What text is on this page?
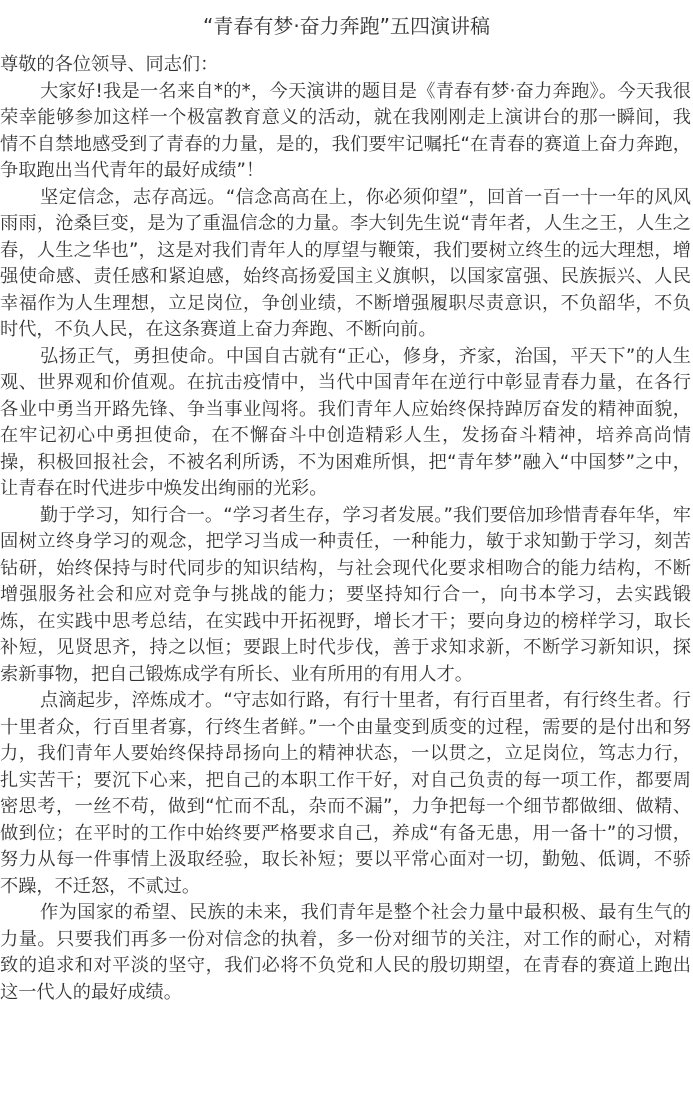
“青春有梦·奋力奔跑”五四演讲稿

尊敬的各位领导、同志们：

大家好!我是一名来自*的*，今天演讲的题目是《青春有梦·奋力奔跑》。今天我很荣幸能够参加这样一个极富教育意义的活动，就在我刚刚走上演讲台的那一瞬间，我情不自禁地感受到了青春的力量，是的，我们要牢记嘱托“在青春的赛道上奋力奔跑，争取跑出当代青年的最好成绩”！

坚定信念，志存高远。“信念高高在上，你必须仰望”，回首一百一十一年的风风雨雨，沧桑巨变，是为了重温信念的力量。李大钊先生说“青年者，人生之王，人生之春，人生之华也”，这是对我们青年人的厚望与鞭策，我们要树立终生的远大理想，增强使命感、责任感和紧迫感，始终高扬爱国主义旗帜，以国家富强、民族振兴、人民幸福作为人生理想，立足岗位，争创业绩，不断增强履职尽责意识，不负韶华，不负时代，不负人民，在这条赛道上奋力奔跑、不断向前。

弘扬正气，勇担使命。中国自古就有“正心，修身，齐家，治国，平天下”的人生观、世界观和价值观。在抗击疫情中，当代中国青年在逆行中彰显青春力量，在各行各业中勇当开路先锋、争当事业闯将。我们青年人应始终保持踔厉奋发的精神面貌，在牢记初心中勇担使命，在不懈奋斗中创造精彩人生，发扬奋斗精神，培养高尚情操，积极回报社会，不被名利所诱，不为困难所惧，把“青年梦”融入“中国梦”之中，让青春在时代进步中焕发出绚丽的光彩。

勤于学习，知行合一。“学习者生存，学习者发展。”我们要倍加珍惜青春年华，牢固树立终身学习的观念，把学习当成一种责任，一种能力，敏于求知勤于学习，刻苦钻研，始终保持与时代同步的知识结构，与社会现代化要求相吻合的能力结构，不断增强服务社会和应对竞争与挑战的能力；要坚持知行合一，向书本学习，去实践锻炼，在实践中思考总结，在实践中开拓视野，增长才干；要向身边的榜样学习，取长补短，见贤思齐，持之以恒；要跟上时代步伐，善于求知求新，不断学习新知识，探索新事物，把自己锻炼成学有所长、业有所用的有用人才。

点滴起步，淬炼成才。“守志如行路，有行十里者，有行百里者，有行终生者。行十里者众，行百里者寡，行终生者鲜。”一个由量变到质变的过程，需要的是付出和努力，我们青年人要始终保持昂扬向上的精神状态，一以贯之，立足岗位，笃志力行，扎实苦干；要沉下心来，把自己的本职工作干好，对自己负责的每一项工作，都要周密思考，一丝不苟，做到“忙而不乱，杂而不漏”，力争把每一个细节都做细、做精、做到位；在平时的工作中始终要严格要求自己，养成“有备无患，用一备十”的习惯，努力从每一件事情上汲取经验，取长补短；要以平常心面对一切，勤勉、低调，不骄不躁，不迁怒，不贰过。

作为国家的希望、民族的未来，我们青年是整个社会力量中最积极、最有生气的力量。只要我们再多一份对信念的执着，多一份对细节的关注，对工作的耐心，对精致的追求和对平淡的坚守，我们必将不负党和人民的殷切期望，在青春的赛道上跑出这一代人的最好成绩。
